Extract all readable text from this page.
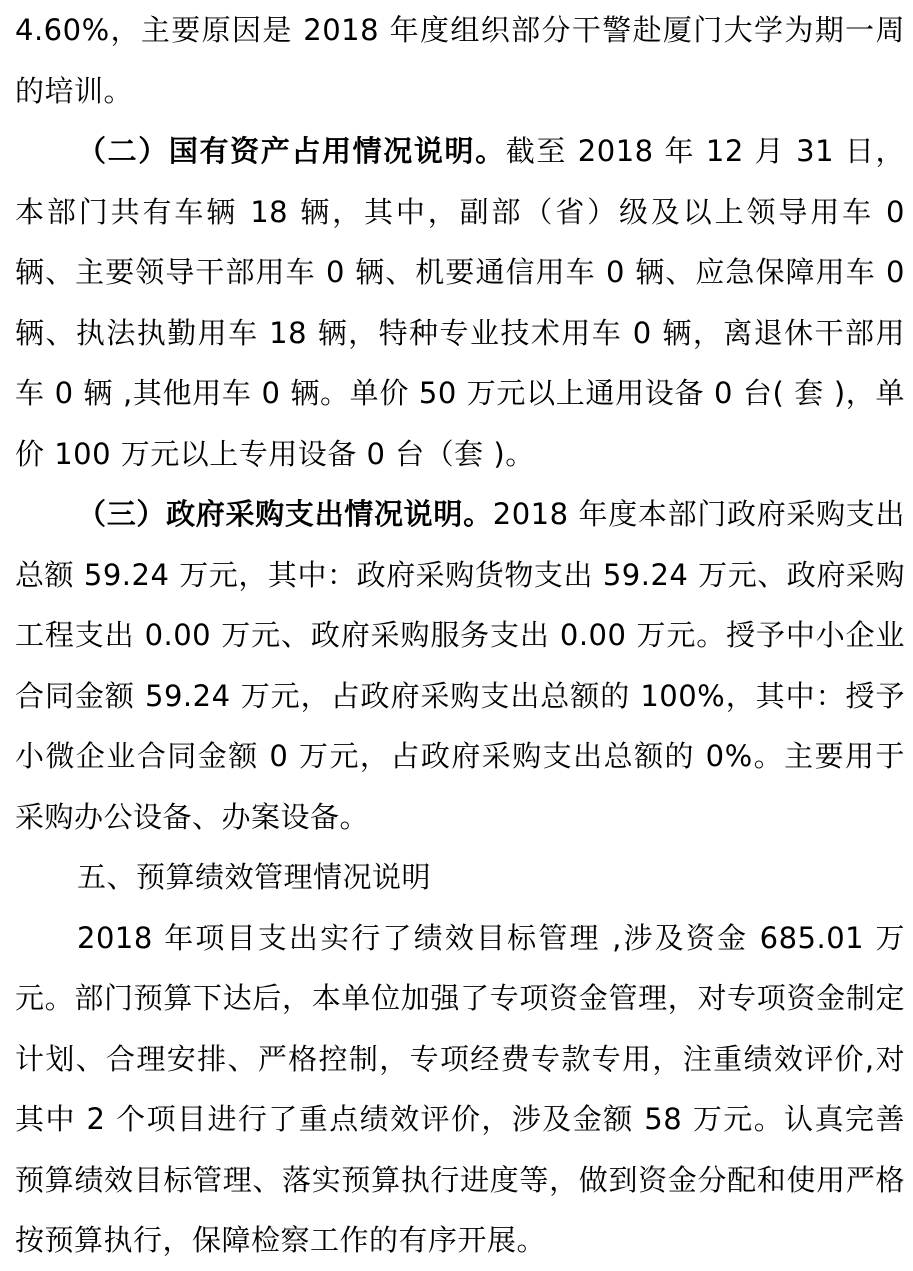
4.60%，主要原因是 2018 年度组织部分干警赴厦门大学为期一周的培训。

（二）国有资产占用情况说明。截至 2018 年 12 月 31 日，本部门共有车辆 18 辆，其中，副部（省）级及以上领导用车 0 辆、主要领导干部用车 0 辆、机要通信用车 0 辆、应急保障用车 0 辆、执法执勤用车 18 辆，特种专业技术用车 0 辆，离退休干部用车 0 辆 ,其他用车 0 辆。单价 50 万元以上通用设备 0 台( 套 )，单价 100 万元以上专用设备 0 台（套 )。

（三）政府采购支出情况说明。2018 年度本部门政府采购支出总额 59.24 万元，其中：政府采购货物支出 59.24 万元、政府采购工程支出 0.00 万元、政府采购服务支出 0.00 万元。授予中小企业合同金额 59.24 万元，占政府采购支出总额的 100%，其中：授予小微企业合同金额 0 万元，占政府采购支出总额的 0%。主要用于采购办公设备、办案设备。

五、预算绩效管理情况说明

2018 年项目支出实行了绩效目标管理 ,涉及资金 685.01 万元。部门预算下达后，本单位加强了专项资金管理，对专项资金制定计划、合理安排、严格控制，专项经费专款专用，注重绩效评价,对其中 2 个项目进行了重点绩效评价，涉及金额 58 万元。认真完善预算绩效目标管理、落实预算执行进度等，做到资金分配和使用严格按预算执行，保障检察工作的有序开展。
